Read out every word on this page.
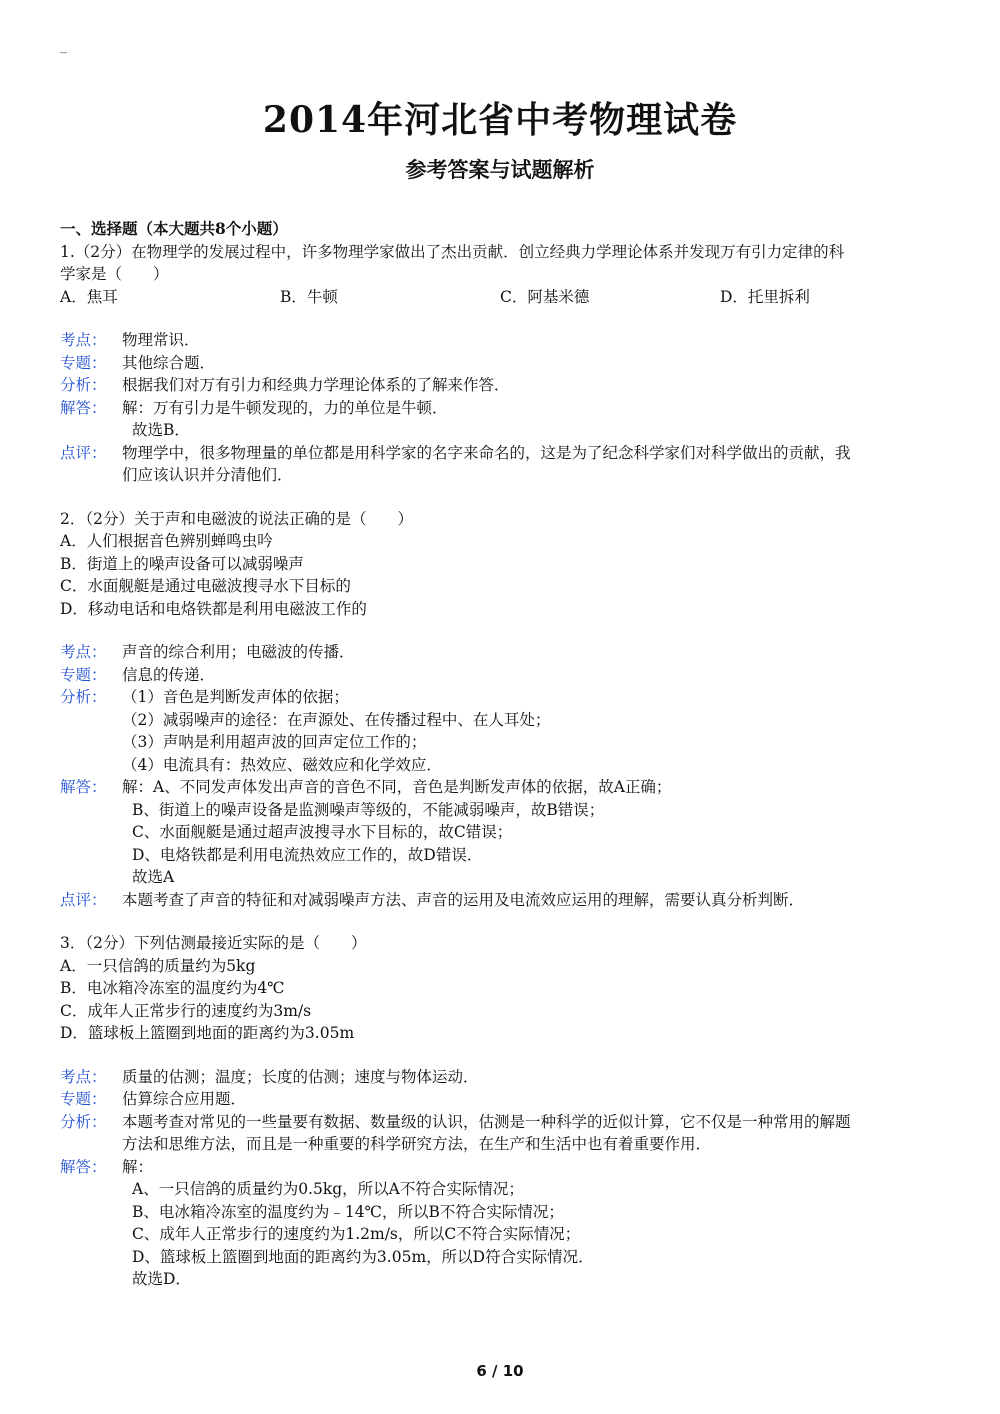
_
2014年河北省中考物理试卷
参考答案与试题解析
一、选择题（本大题共8个小题）

1.（2分）在物理学的发展过程中，许多物理学家做出了杰出贡献．创立经典力学理论体系并发现万有引力定律的科

学家是（　　）

A．焦耳	B．牛顿	C．阿基米德	D．托里拆利
考点： 物理常识．

专题： 其他综合题．

分析： 根据我们对万有引力和经典力学理论体系的了解来作答．

解答： 解：万有引力是牛顿发现的，力的单位是牛顿．

故选B．

点评： 物理学中，很多物理量的单位都是用科学家的名字来命名的，这是为了纪念科学家们对科学做出的贡献，我

们应该认识并分清他们．

2．（2分）关于声和电磁波的说法正确的是（　　）

A．人们根据音色辨别蝉鸣虫吟

B．街道上的噪声设备可以减弱噪声

C．水面舰艇是通过电磁波搜寻水下目标的

D．移动电话和电烙铁都是利用电磁波工作的

考点： 声音的综合利用；电磁波的传播．

专题： 信息的传递．

分析： （1）音色是判断发声体的依据；

（2）减弱噪声的途径：在声源处、在传播过程中、在人耳处；

（3）声呐是利用超声波的回声定位工作的；

（4）电流具有：热效应、磁效应和化学效应．

解答： 解：A、不同发声体发出声音的音色不同，音色是判断发声体的依据，故A正确；

B、街道上的噪声设备是监测噪声等级的，不能减弱噪声，故B错误；

C、水面舰艇是通过超声波搜寻水下目标的，故C错误；

D、电烙铁都是利用电流热效应工作的，故D错误．

故选A

点评： 本题考查了声音的特征和对减弱噪声方法、声音的运用及电流效应运用的理解，需要认真分析判断．

3．（2分）下列估测最接近实际的是（　　）

A．一只信鸽的质量约为5kg

B．电冰箱冷冻室的温度约为4℃

C．成年人正常步行的速度约为3m/s

D．篮球板上篮圈到地面的距离约为3.05m

考点： 质量的估测；温度；长度的估测；速度与物体运动．

专题： 估算综合应用题．

分析： 本题考查对常见的一些量要有数据、数量级的认识，估测是一种科学的近似计算，它不仅是一种常用的解题

方法和思维方法，而且是一种重要的科学研究方法，在生产和生活中也有着重要作用．

解答： 解：

A、一只信鸽的质量约为0.5kg，所以A不符合实际情况；

B、电冰箱冷冻室的温度约为﹣14℃，所以B不符合实际情况；

C、成年人正常步行的速度约为1.2m/s，所以C不符合实际情况；

D、篮球板上篮圈到地面的距离约为3.05m，所以D符合实际情况．

故选D．

6 / 10
